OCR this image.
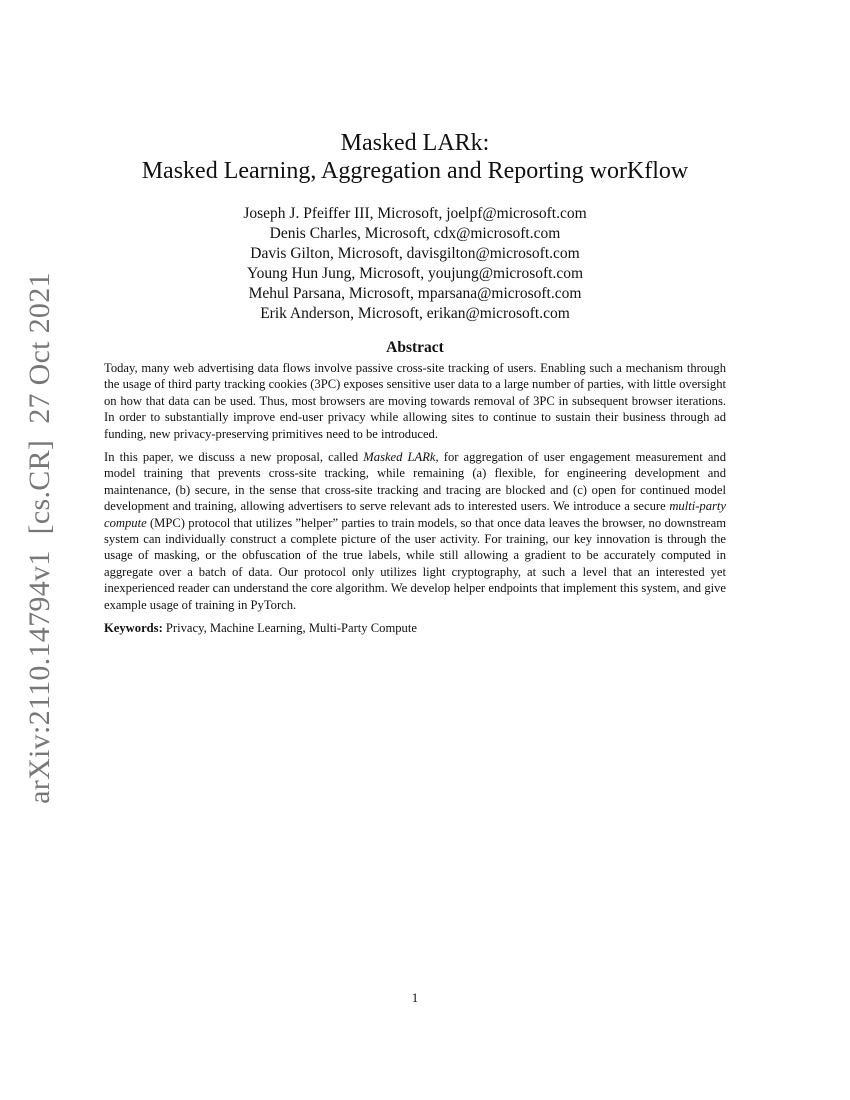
arXiv:2110.14794v1[cs.CR]27 Oct 2021
Masked LARk:
Masked Learning, Aggregation and Reporting worKflow
Joseph J. Pfeiffer III, Microsoft, joelpf@microsoft.com
Denis Charles, Microsoft, cdx@microsoft.com
Davis Gilton, Microsoft, davisgilton@microsoft.com
Young Hun Jung, Microsoft, youjung@microsoft.com
Mehul Parsana, Microsoft, mparsana@microsoft.com
Erik Anderson, Microsoft, erikan@microsoft.com
Abstract

Today, many web advertising data flows involve passive cross-site tracking of users. Enabling such a mechanism through the usage of third party tracking cookies (3PC) exposes sensitive user data to a large number of parties, with little oversight on how that data can be used. Thus, most browsers are moving towards removal of 3PC in subsequent browser iterations. In order to substantially improve end-user privacy while allowing sites to continue to sustain their business through ad funding, new privacy-preserving primitives need to be introduced.

In this paper, we discuss a new proposal, called Masked LARk, for aggregation of user engagement measurement and model training that prevents cross-site tracking, while remaining (a) flexible, for engineering development and maintenance, (b) secure, in the sense that cross-site tracking and tracing are blocked and (c) open for continued model development and training, allowing advertisers to serve relevant ads to interested users. We introduce a secure multi-party compute (MPC) protocol that utilizes ”helper” parties to train models, so that once data leaves the browser, no downstream system can individually construct a complete picture of the user activity. For training, our key innovation is through the usage of masking, or the obfuscation of the true labels, while still allowing a gradient to be accurately computed in aggregate over a batch of data. Our protocol only utilizes light cryptography, at such a level that an interested yet inexperienced reader can understand the core algorithm. We develop helper endpoints that implement this system, and give example usage of training in PyTorch.

Keywords: Privacy, Machine Learning, Multi-Party Compute

1
